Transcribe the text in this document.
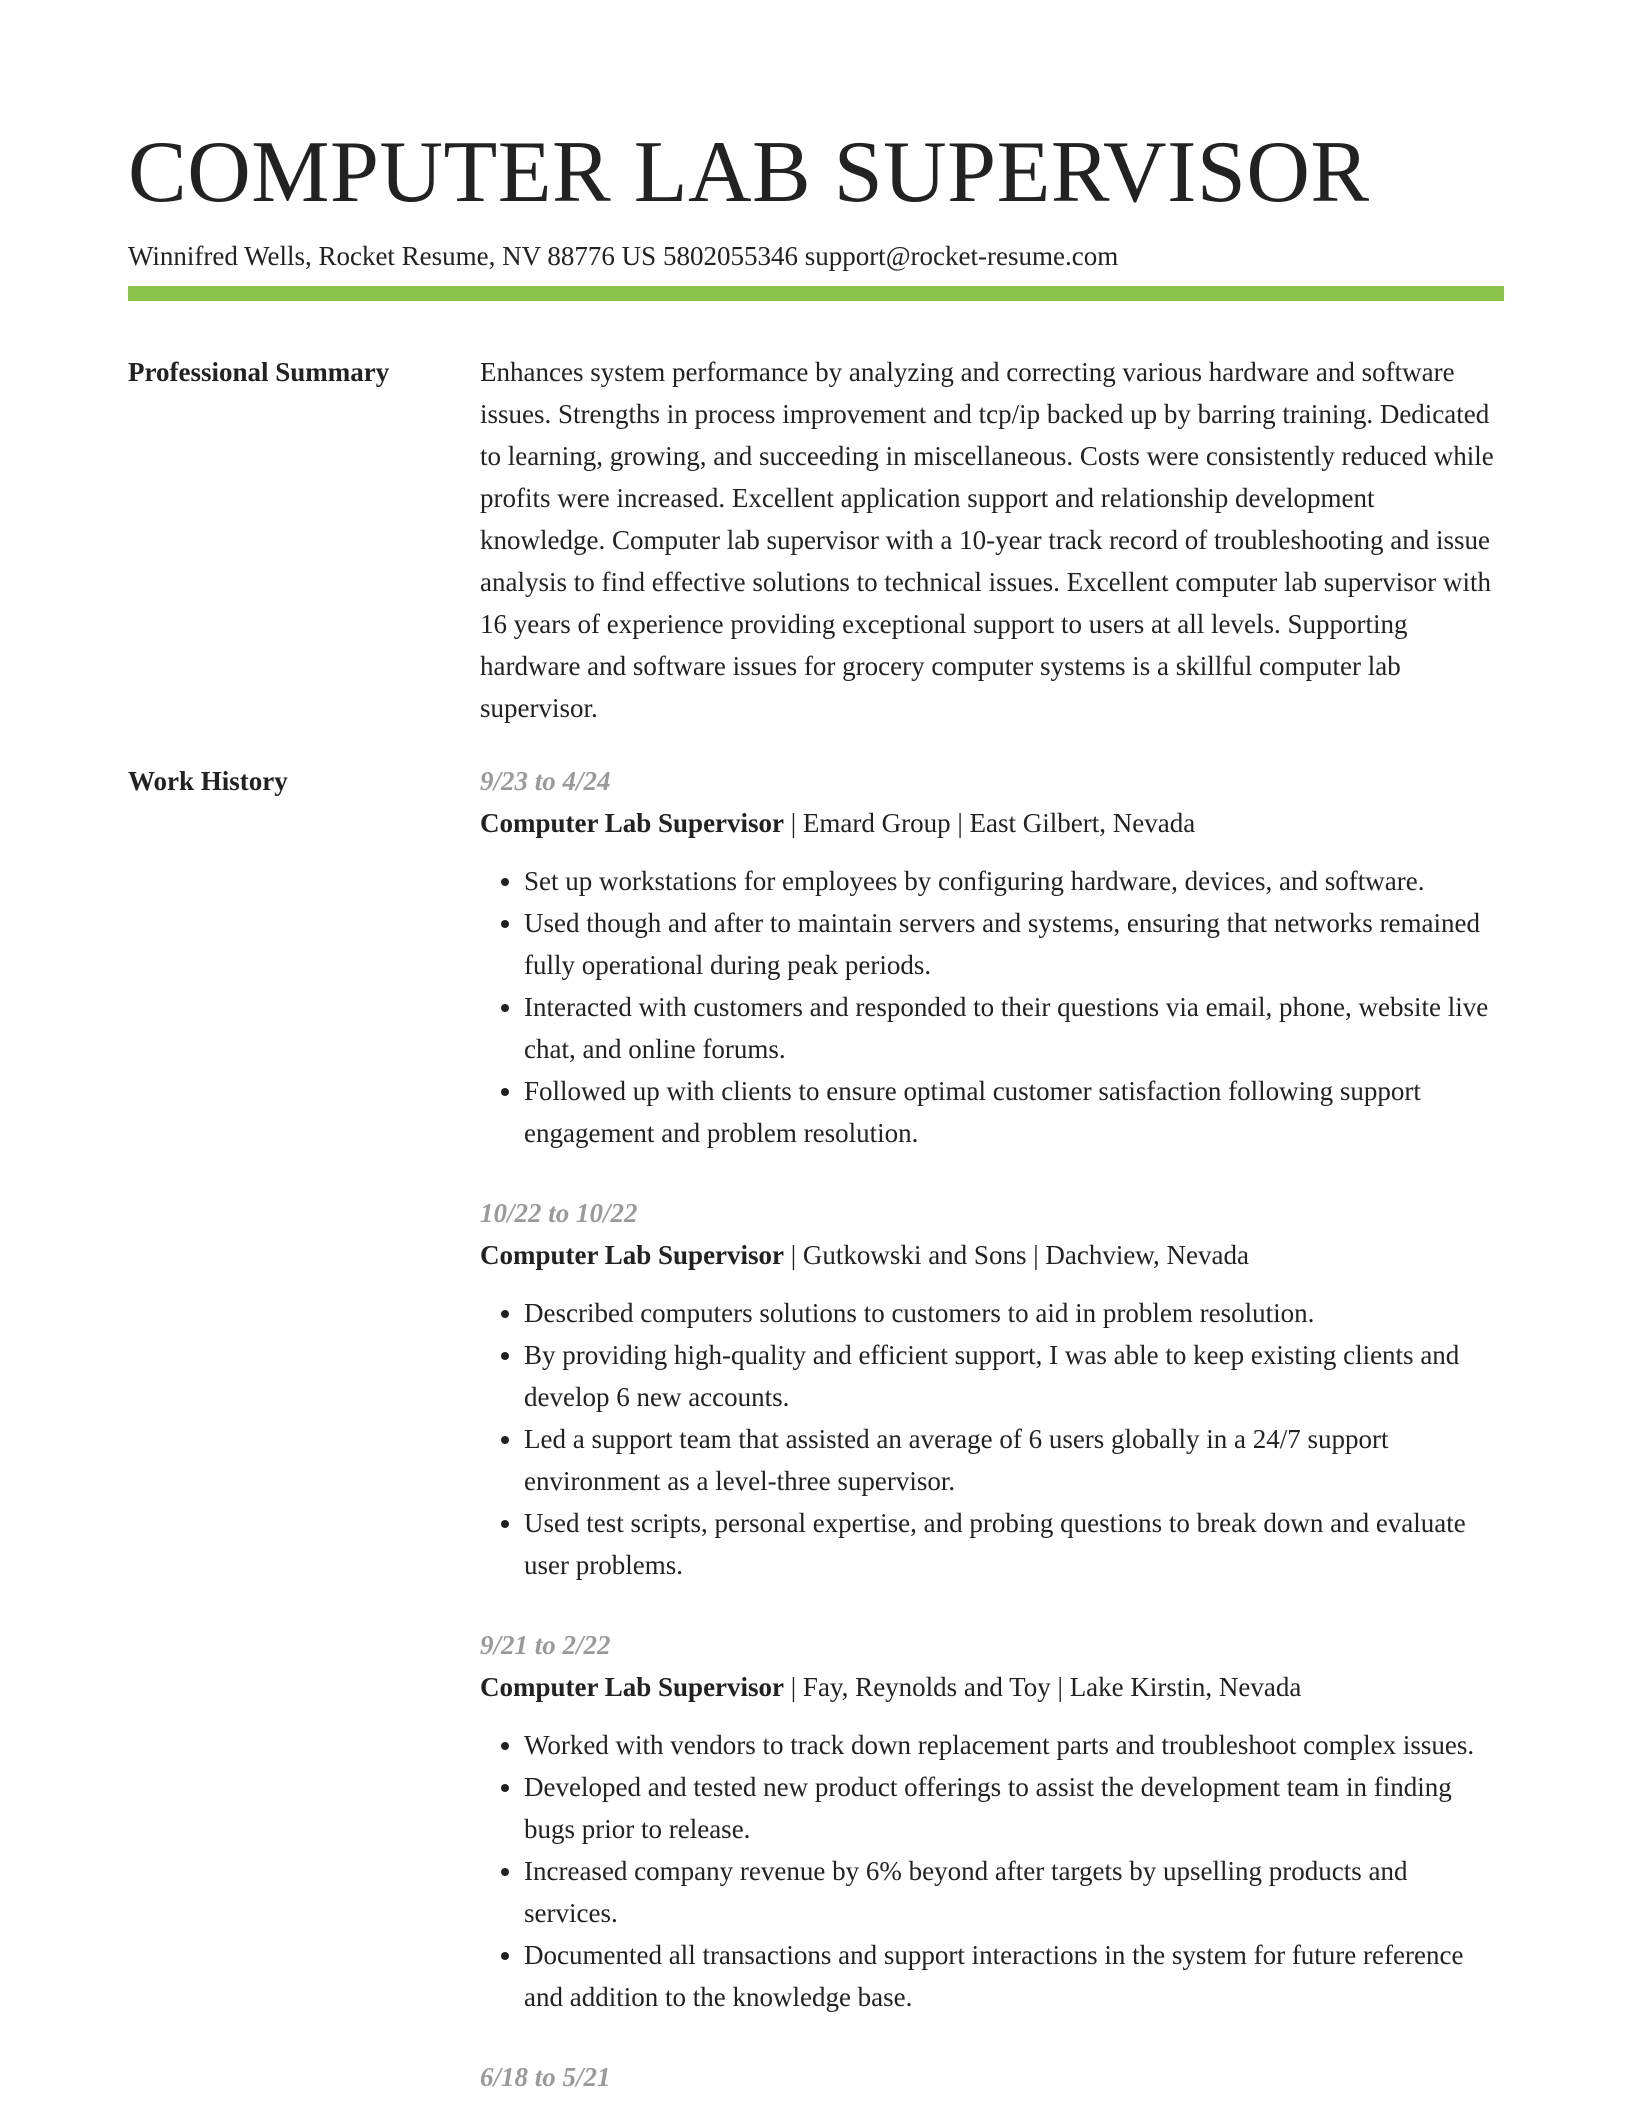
COMPUTER LAB SUPERVISOR
Winnifred Wells, Rocket Resume, NV 88776 US 5802055346 support@rocket-resume.com
Professional Summary	Enhances system performance by analyzing and correcting various hardware and software issues. Strengths in process improvement and tcp/ip backed up by barring training. Dedicated to learning, growing, and succeeding in miscellaneous. Costs were consistently reduced while profits were increased. Excellent application support and relationship development knowledge. Computer lab supervisor with a 10-year track record of troubleshooting and issue analysis to find effective solutions to technical issues. Excellent computer lab supervisor with 16 years of experience providing exceptional support to users at all levels. Supporting hardware and software issues for grocery computer systems is a skillful computer lab supervisor.

Work History	9/23 to 4/24
Computer Lab Supervisor | Emard Group | East Gilbert, Nevada
• Set up workstations for employees by configuring hardware, devices, and software.
• Used though and after to maintain servers and systems, ensuring that networks remained fully operational during peak periods.
• Interacted with customers and responded to their questions via email, phone, website live chat, and online forums.
• Followed up with clients to ensure optimal customer satisfaction following support engagement and problem resolution.
10/22 to 10/22
Computer Lab Supervisor | Gutkowski and Sons | Dachview, Nevada
• Described computers solutions to customers to aid in problem resolution.
• By providing high-quality and efficient support, I was able to keep existing clients and develop 6 new accounts.
• Led a support team that assisted an average of 6 users globally in a 24/7 support environment as a level-three supervisor.
• Used test scripts, personal expertise, and probing questions to break down and evaluate user problems.
9/21 to 2/22
Computer Lab Supervisor | Fay, Reynolds and Toy | Lake Kirstin, Nevada
• Worked with vendors to track down replacement parts and troubleshoot complex issues.
• Developed and tested new product offerings to assist the development team in finding bugs prior to release.
• Increased company revenue by 6% beyond after targets by upselling products and services.
• Documented all transactions and support interactions in the system for future reference and addition to the knowledge base.
6/18 to 5/21
